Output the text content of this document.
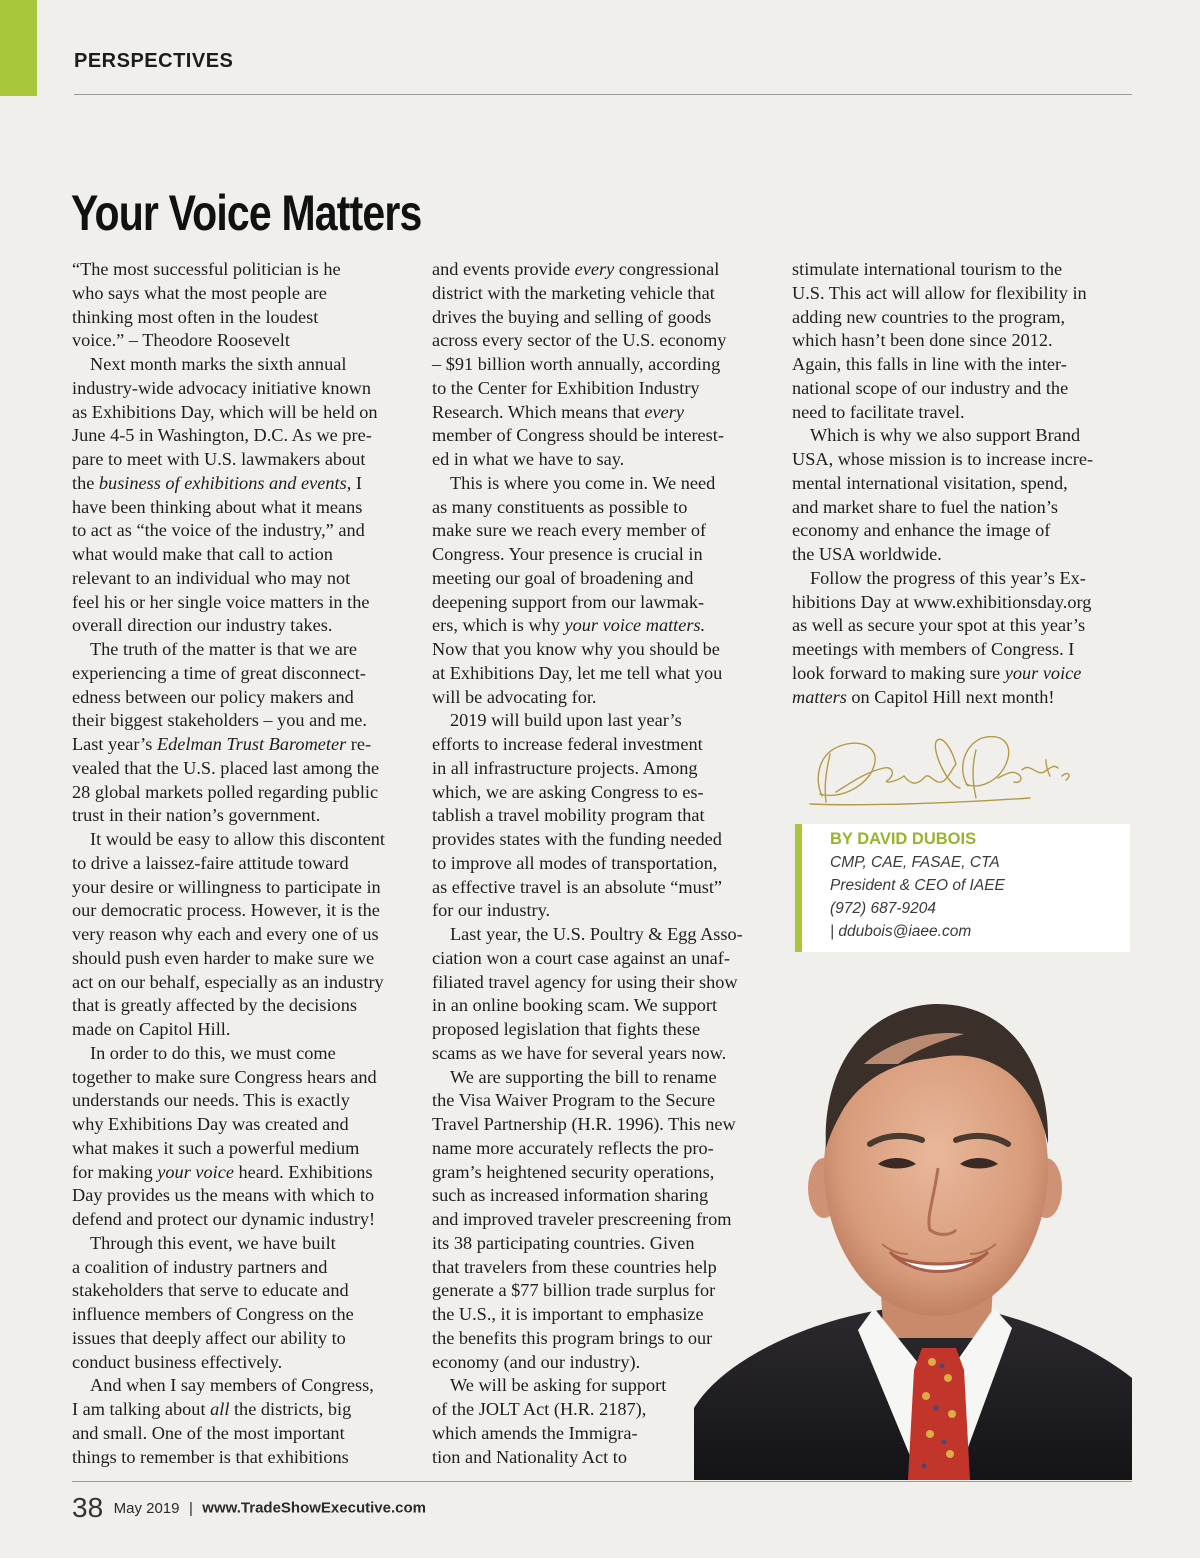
PERSPECTIVES
Your Voice Matters
“The most successful politician is he
who says what the most people are
thinking most often in the loudest
voice.” – Theodore Roosevelt
Next month marks the sixth annual
industry-wide advocacy initiative known
as Exhibitions Day, which will be held on
June 4-5 in Washington, D.C. As we pre-
pare to meet with U.S. lawmakers about
the business of exhibitions and events, I
have been thinking about what it means
to act as “the voice of the industry,” and
what would make that call to action
relevant to an individual who may not
feel his or her single voice matters in the
overall direction our industry takes.
The truth of the matter is that we are
experiencing a time of great disconnect-
edness between our policy makers and
their biggest stakeholders – you and me.
Last year’s Edelman Trust Barometer re-
vealed that the U.S. placed last among the
28 global markets polled regarding public
trust in their nation’s government.
It would be easy to allow this discontent
to drive a laissez-faire attitude toward
your desire or willingness to participate in
our democratic process. However, it is the
very reason why each and every one of us
should push even harder to make sure we
act on our behalf, especially as an industry
that is greatly affected by the decisions
made on Capitol Hill.
In order to do this, we must come
together to make sure Congress hears and
understands our needs. This is exactly
why Exhibitions Day was created and
what makes it such a powerful medium
for making your voice heard. Exhibitions
Day provides us the means with which to
defend and protect our dynamic industry!
Through this event, we have built
a coalition of industry partners and
stakeholders that serve to educate and
influence members of Congress on the
issues that deeply affect our ability to
conduct business effectively.
And when I say members of Congress,
I am talking about all the districts, big
and small. One of the most important
things to remember is that exhibitions
and events provide every congressional
district with the marketing vehicle that
drives the buying and selling of goods
across every sector of the U.S. economy
– $91 billion worth annually, according
to the Center for Exhibition Industry
Research. Which means that every
member of Congress should be interest-
ed in what we have to say.
This is where you come in. We need
as many constituents as possible to
make sure we reach every member of
Congress. Your presence is crucial in
meeting our goal of broadening and
deepening support from our lawmak-
ers, which is why your voice matters.
Now that you know why you should be
at Exhibitions Day, let me tell what you
will be advocating for.
2019 will build upon last year’s
efforts to increase federal investment
in all infrastructure projects. Among
which, we are asking Congress to es-
tablish a travel mobility program that
provides states with the funding needed
to improve all modes of transportation,
as effective travel is an absolute “must”
for our industry.
Last year, the U.S. Poultry & Egg Asso-
ciation won a court case against an unaf-
filiated travel agency for using their show
in an online booking scam. We support
proposed legislation that fights these
scams as we have for several years now.
We are supporting the bill to rename
the Visa Waiver Program to the Secure
Travel Partnership (H.R. 1996). This new
name more accurately reflects the pro-
gram’s heightened security operations,
such as increased information sharing
and improved traveler prescreening from
its 38 participating countries. Given
that travelers from these countries help
generate a $77 billion trade surplus for
the U.S., it is important to emphasize
the benefits this program brings to our
economy (and our industry).
We will be asking for support
of the JOLT Act (H.R. 2187),
which amends the Immigra-
tion and Nationality Act to
stimulate international tourism to the
U.S. This act will allow for flexibility in
adding new countries to the program,
which hasn’t been done since 2012.
Again, this falls in line with the inter-
national scope of our industry and the
need to facilitate travel.
Which is why we also support Brand
USA, whose mission is to increase incre-
mental international visitation, spend,
and market share to fuel the nation’s
economy and enhance the image of
the USA worldwide.
Follow the progress of this year’s Ex-
hibitions Day at www.exhibitionsday.org
as well as secure your spot at this year’s
meetings with members of Congress. I
look forward to making sure your voice
matters on Capitol Hill next month!
BY DAVID DUBOIS
CMP, CAE, FASAE, CTA
President & CEO of IAEE
(972) 687-9204
| ddubois@iaee.com
38 May 2019 | www.TradeShowExecutive.com
